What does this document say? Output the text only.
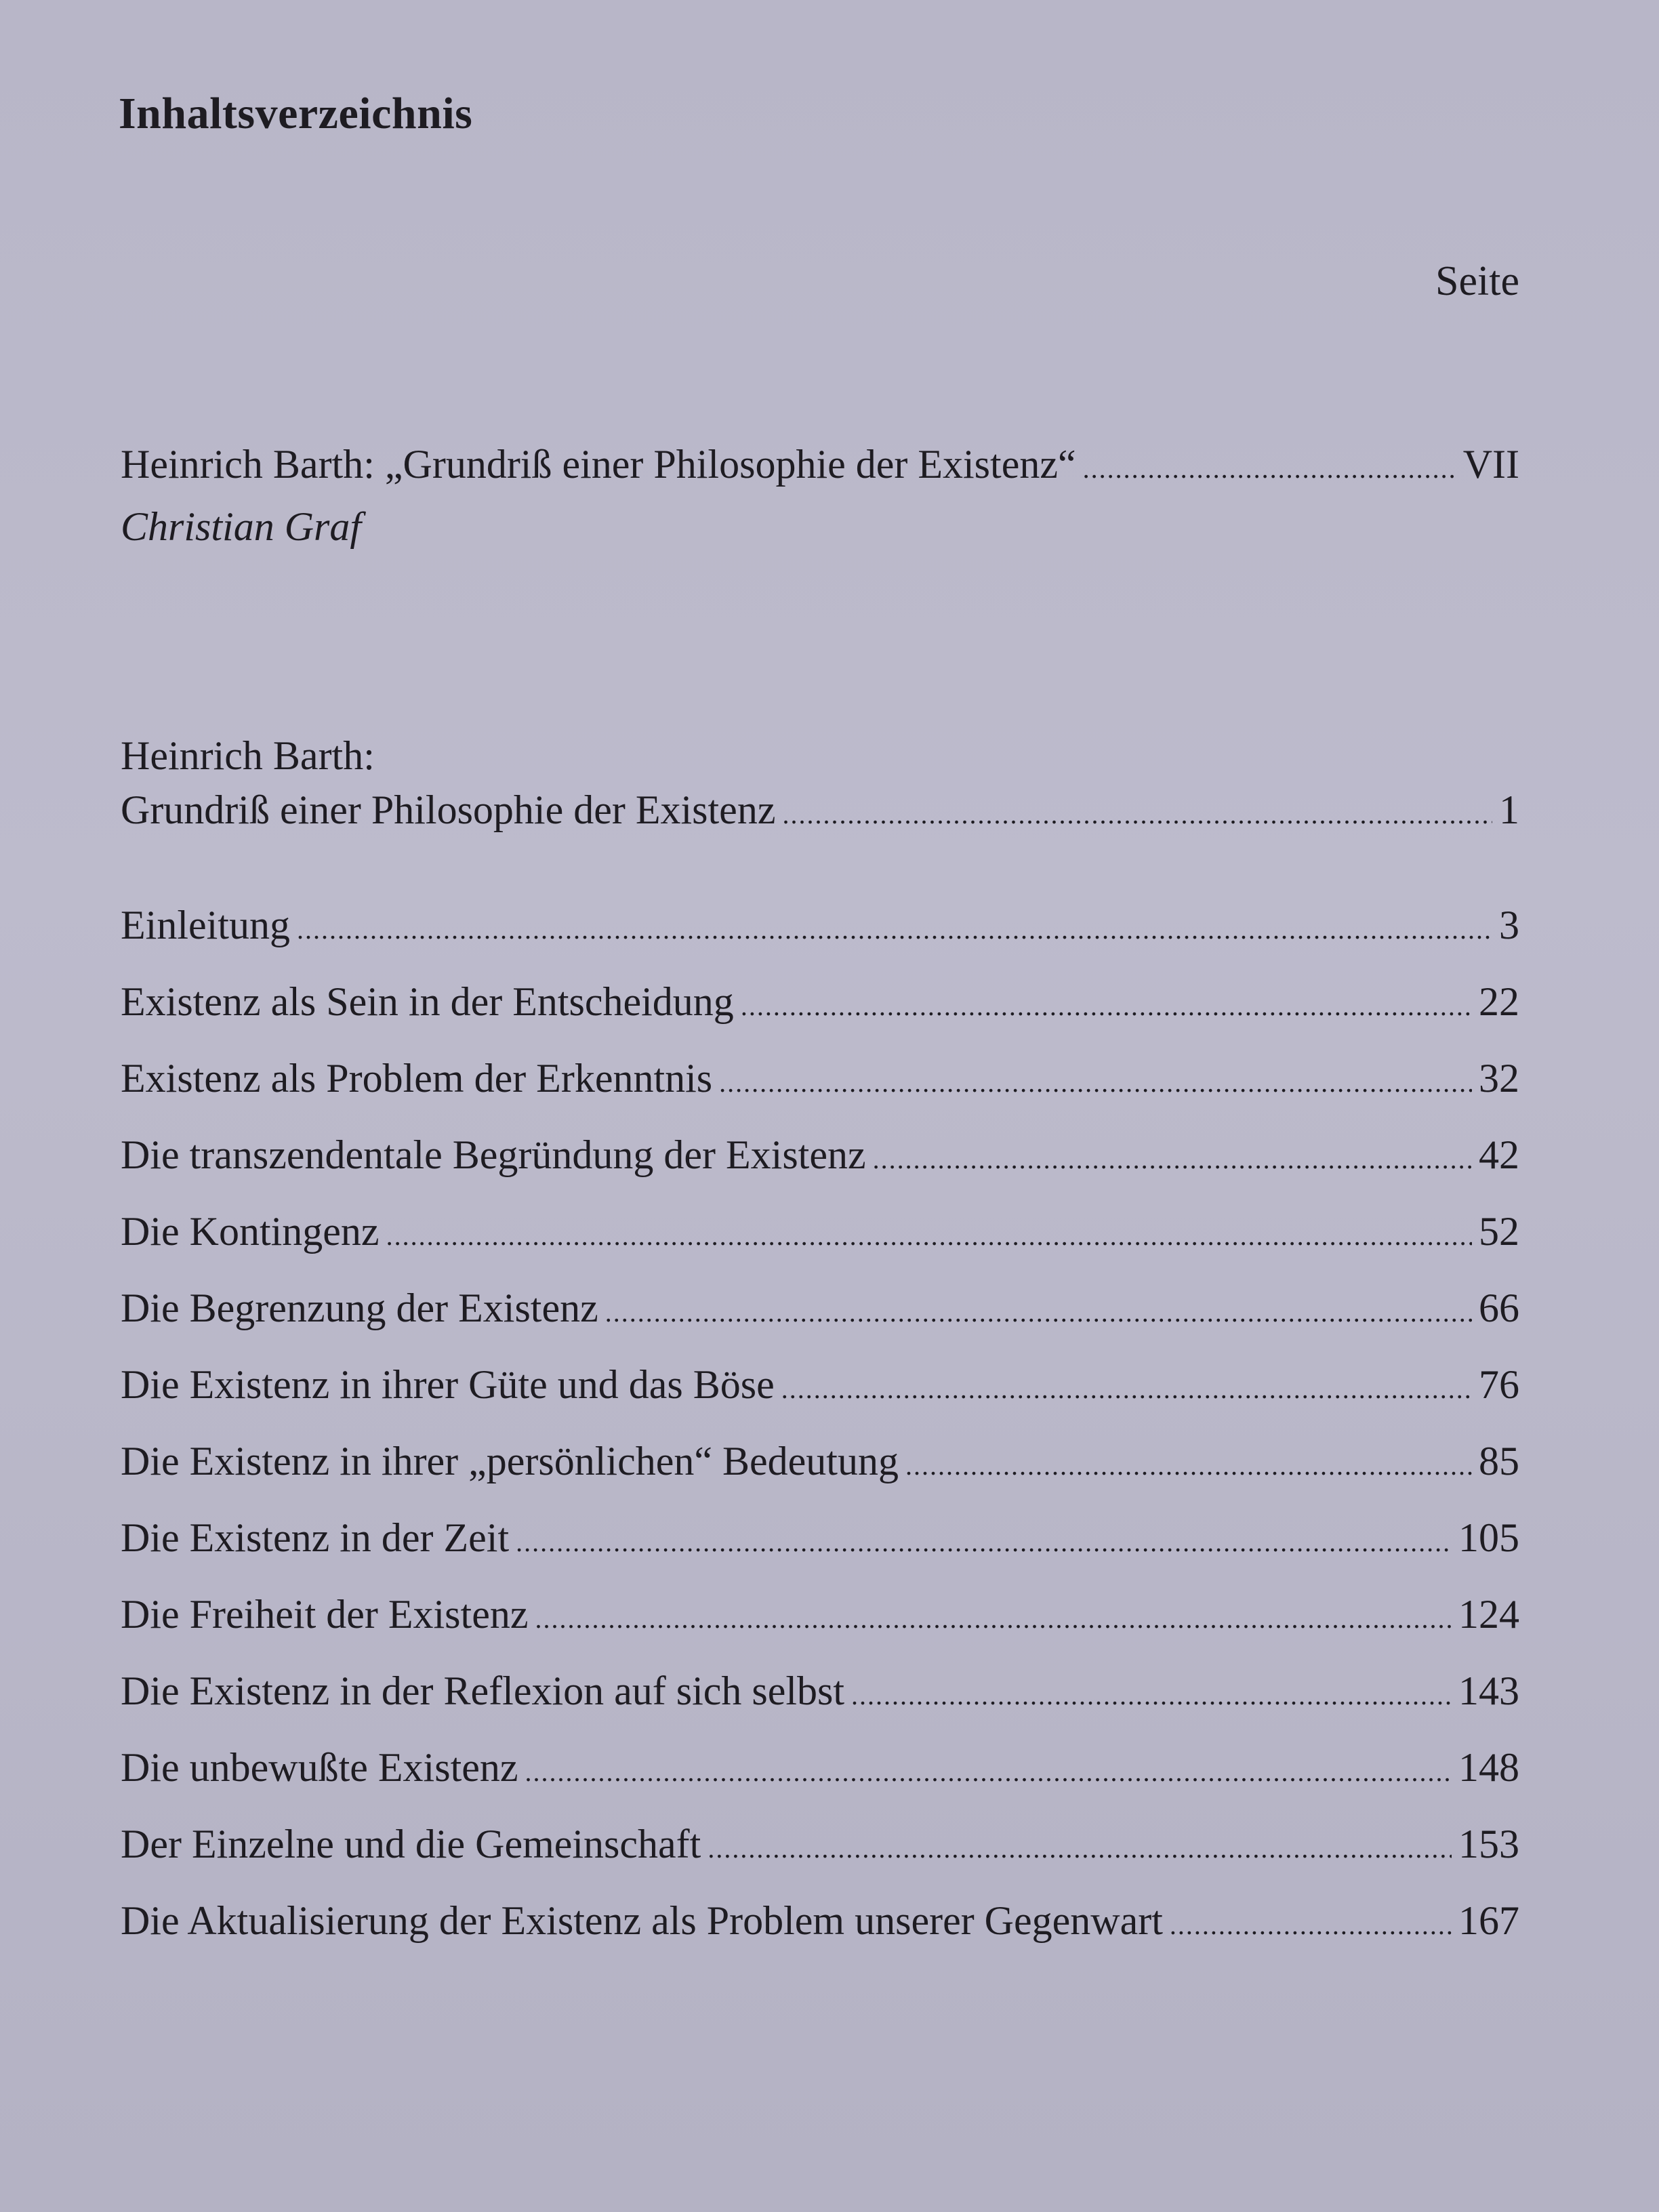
Inhaltsverzeichnis
Seite
Heinrich Barth: „Grundriß einer Philosophie der Existenz“ .....	VII
Christian Graf
Heinrich Barth:
Grundriß einer Philosophie der Existenz .....	1
Einleitung .....	3
Existenz als Sein in der Entscheidung .....	22
Existenz als Problem der Erkenntnis .....	32
Die transzendentale Begründung der Existenz .....	42
Die Kontingenz .....	52
Die Begrenzung der Existenz .....	66
Die Existenz in ihrer Güte und das Böse .....	76
Die Existenz in ihrer „persönlichen“ Bedeutung .....	85
Die Existenz in der Zeit .....	105
Die Freiheit der Existenz .....	124
Die Existenz in der Reflexion auf sich selbst .....	143
Die unbewußte Existenz .....	148
Der Einzelne und die Gemeinschaft .....	153
Die Aktualisierung der Existenz als Problem unserer Gegenwart .....	167
